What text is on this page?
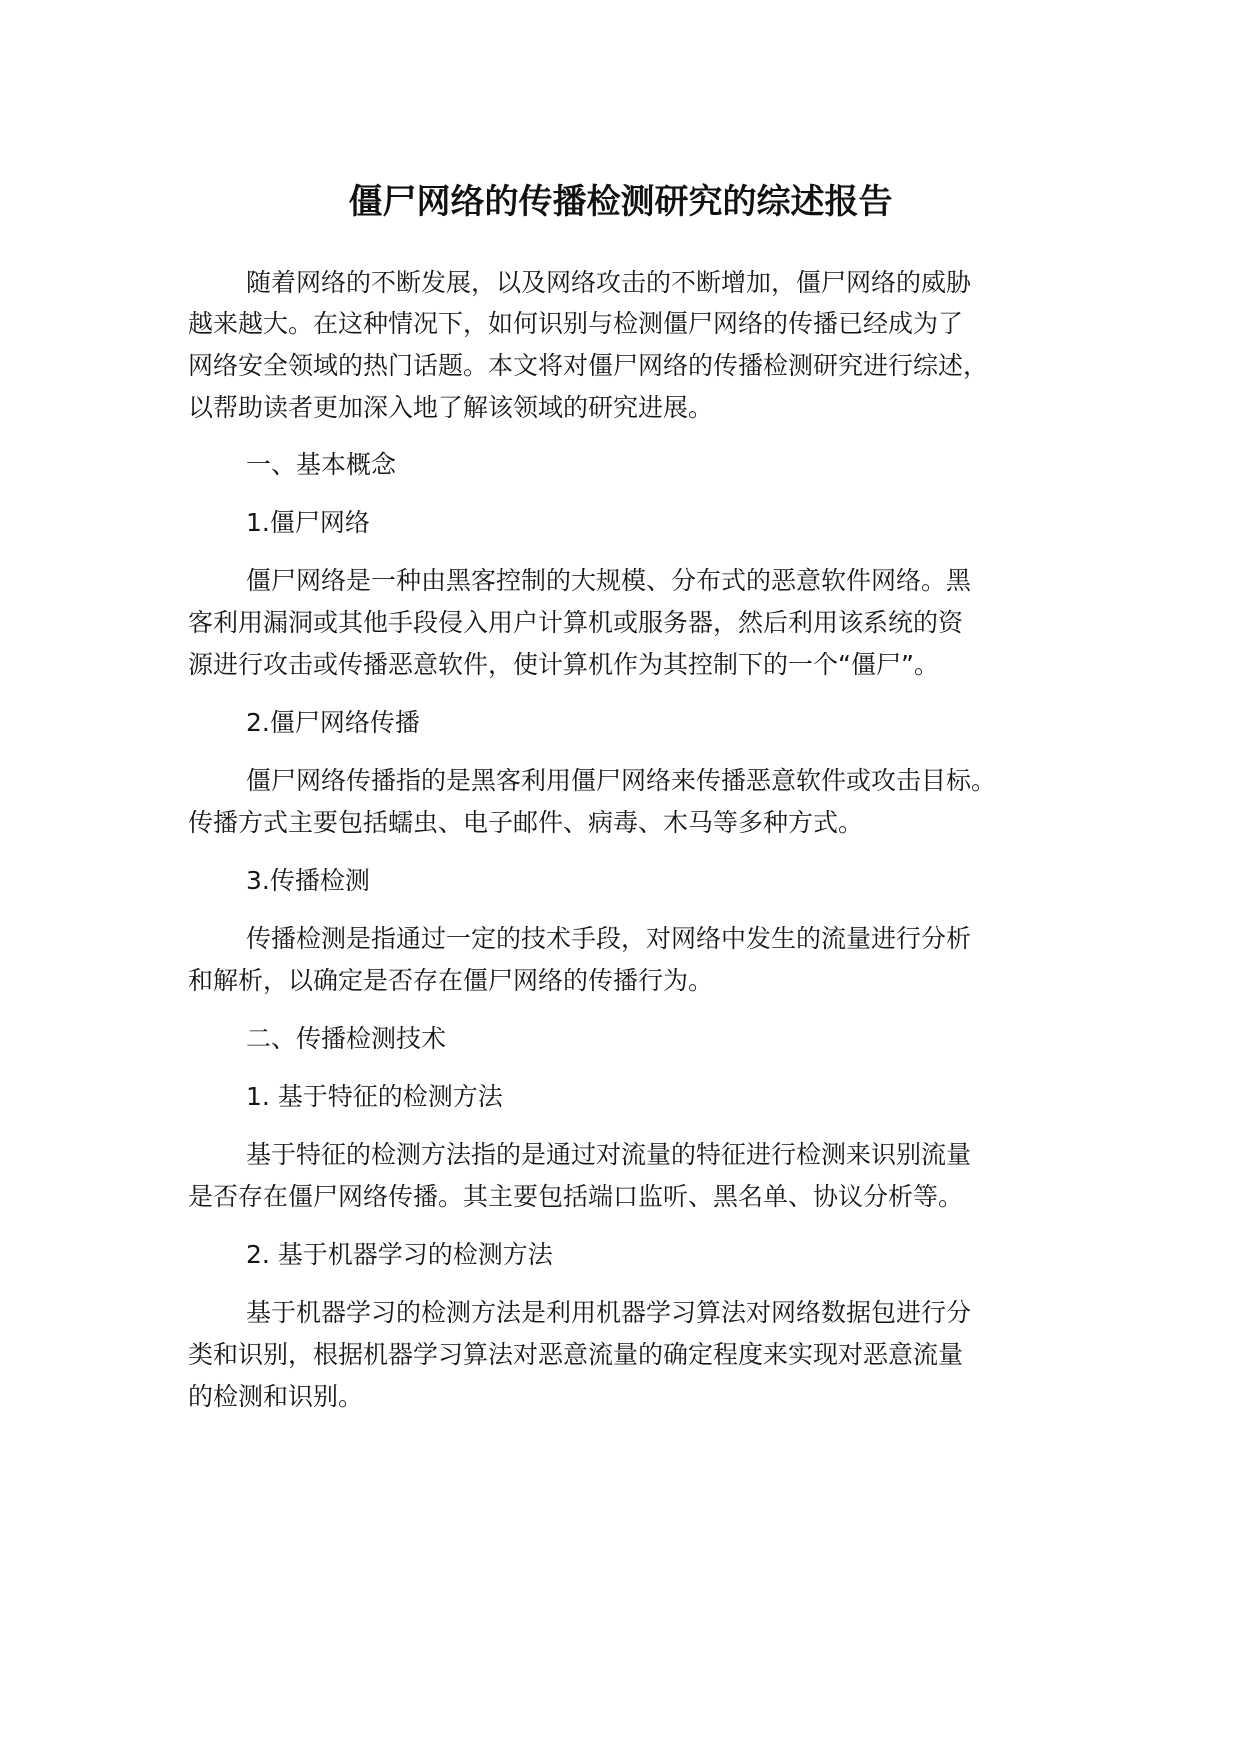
僵尸网络的传播检测研究的综述报告
随着网络的不断发展，以及网络攻击的不断增加，僵尸网络的威胁
越来越大。在这种情况下，如何识别与检测僵尸网络的传播已经成为了
网络安全领域的热门话题。本文将对僵尸网络的传播检测研究进行综述，
以帮助读者更加深入地了解该领域的研究进展。
一、基本概念
1.僵尸网络
僵尸网络是一种由黑客控制的大规模、分布式的恶意软件网络。黑
客利用漏洞或其他手段侵入用户计算机或服务器，然后利用该系统的资
源进行攻击或传播恶意软件，使计算机作为其控制下的一个“僵尸”。
2.僵尸网络传播
僵尸网络传播指的是黑客利用僵尸网络来传播恶意软件或攻击目标。
传播方式主要包括蠕虫、电子邮件、病毒、木马等多种方式。
3.传播检测
传播检测是指通过一定的技术手段，对网络中发生的流量进行分析
和解析，以确定是否存在僵尸网络的传播行为。
二、传播检测技术
1. 基于特征的检测方法
基于特征的检测方法指的是通过对流量的特征进行检测来识别流量
是否存在僵尸网络传播。其主要包括端口监听、黑名单、协议分析等。
2. 基于机器学习的检测方法
基于机器学习的检测方法是利用机器学习算法对网络数据包进行分
类和识别，根据机器学习算法对恶意流量的确定程度来实现对恶意流量
的检测和识别。
